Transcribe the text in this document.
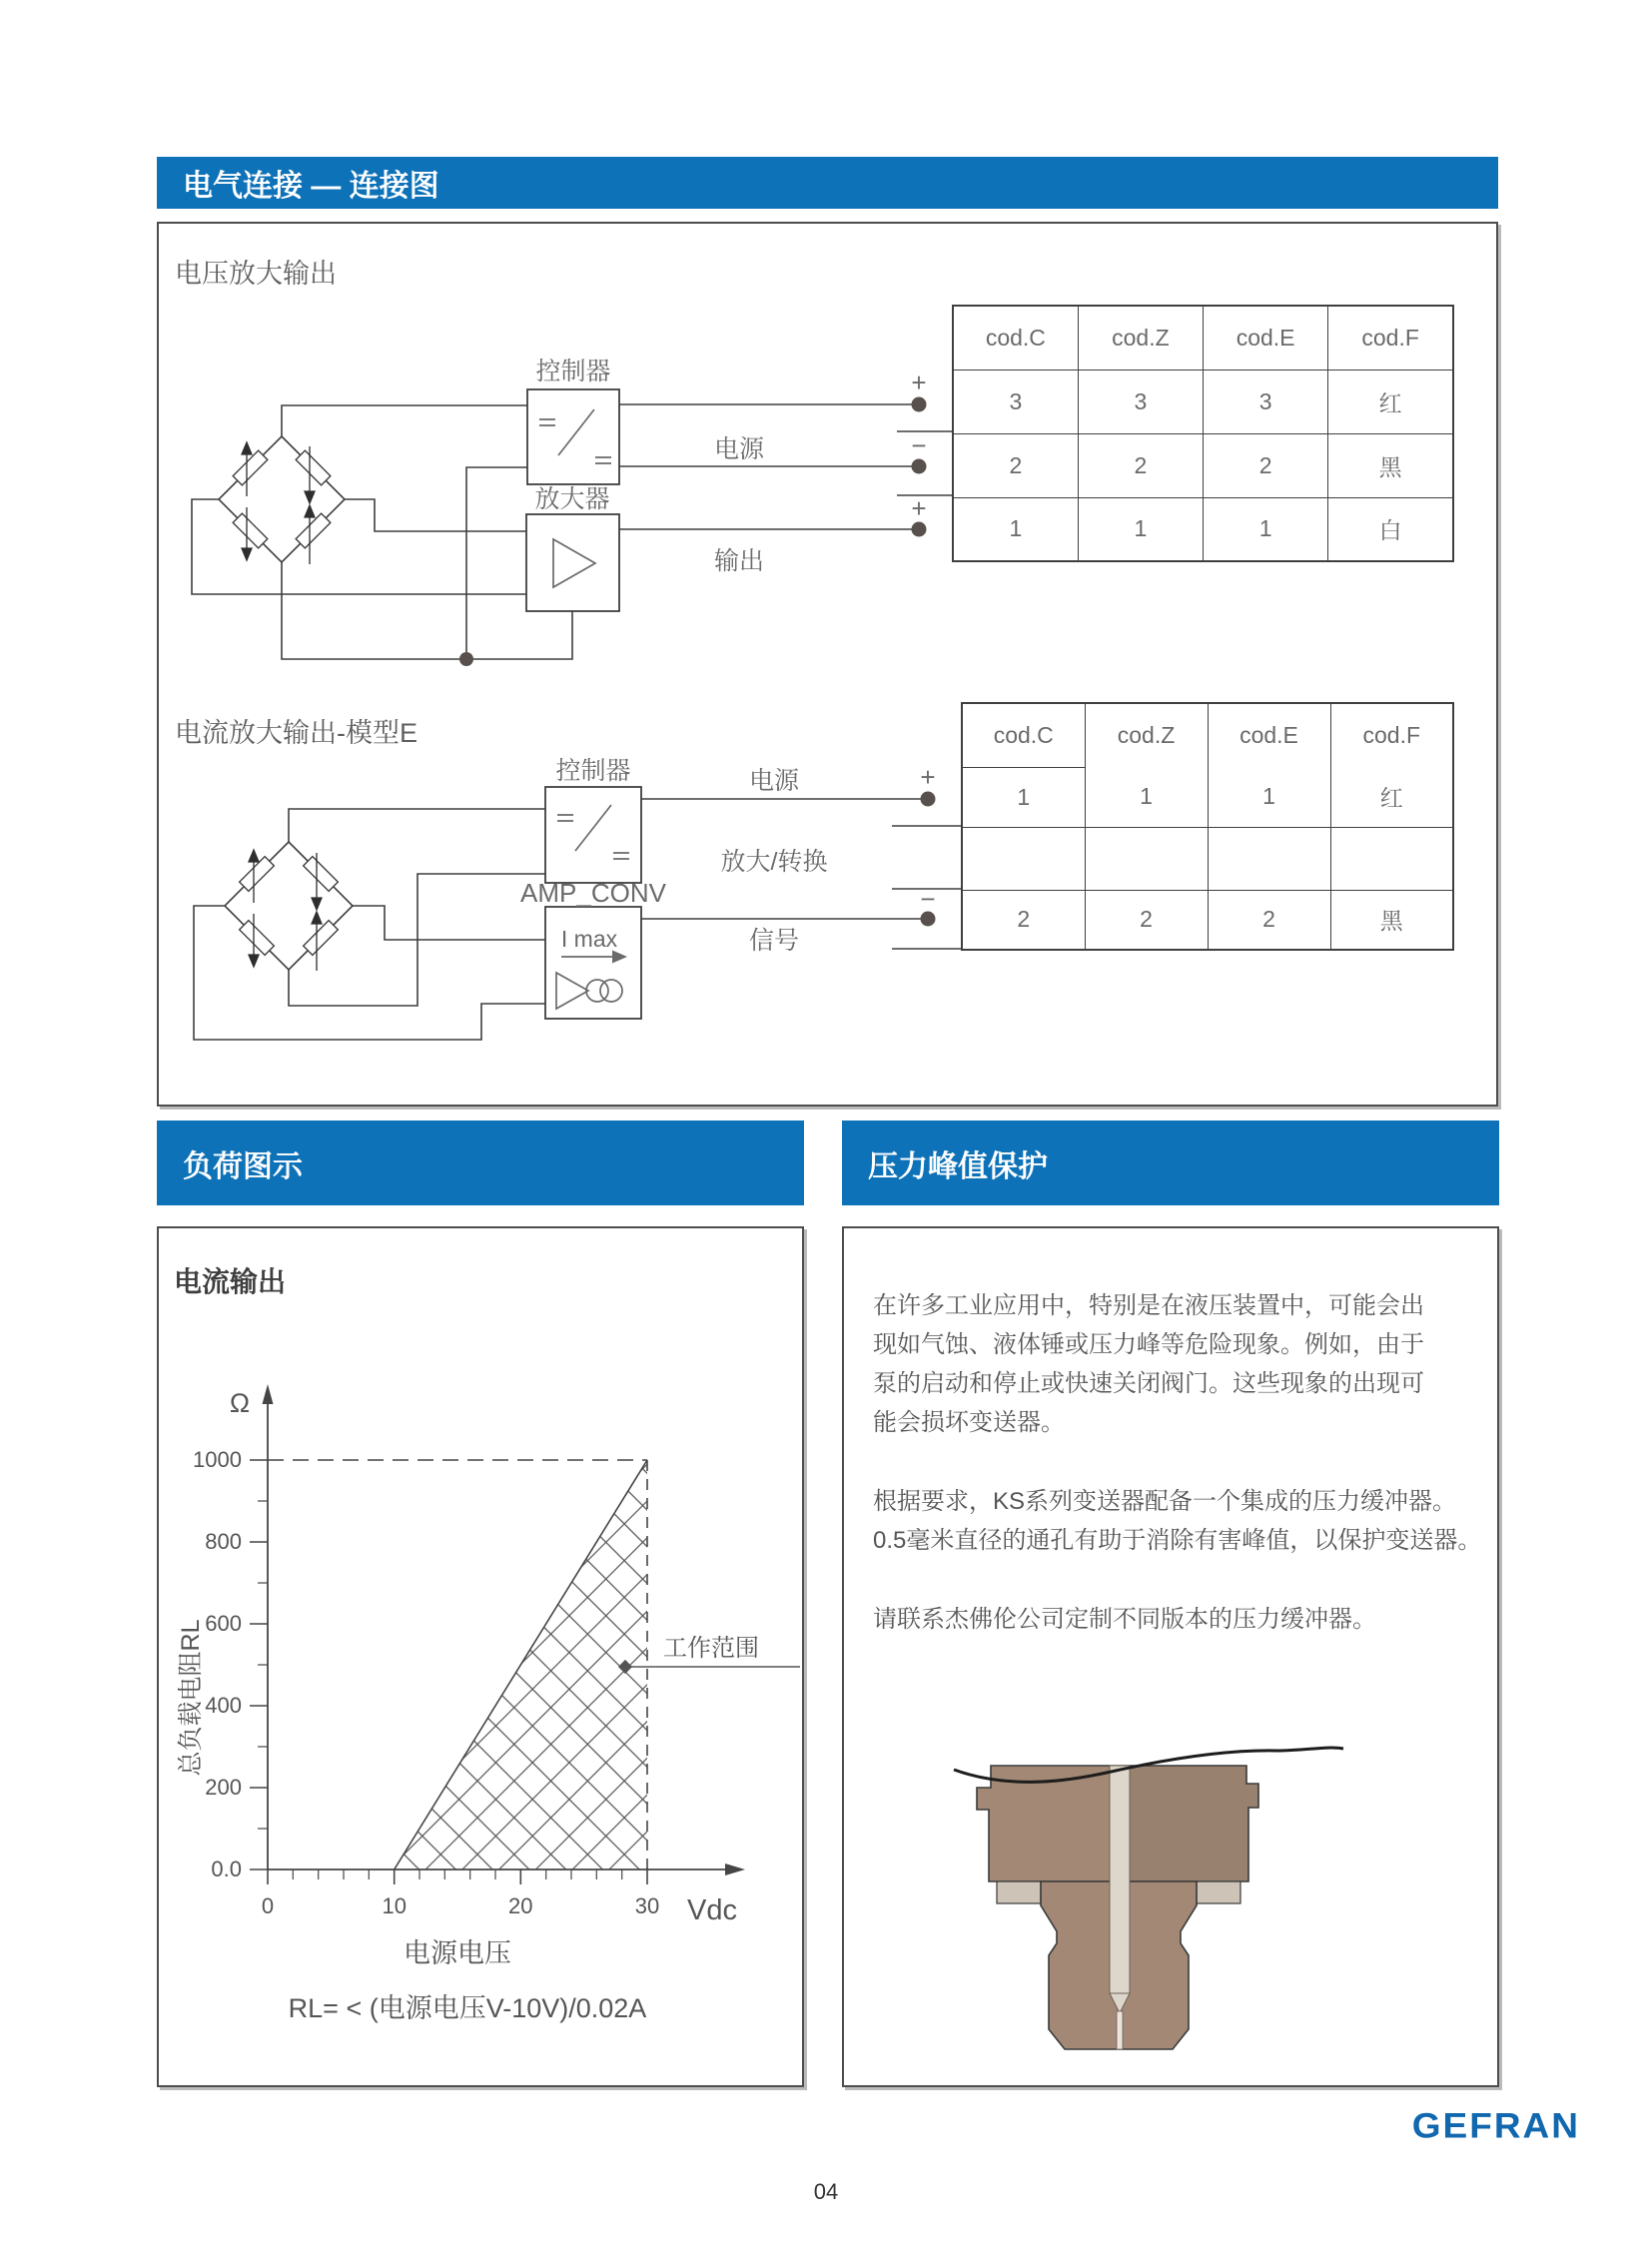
电气连接 — 连接图
电压放大输出
电流放大输出-模型E
控制器
放大器
电源
输出
控制器
AMP_CONV
I max
电源
放大/转换
信号
+
−
+
+
−
cod.C	cod.Z	cod.E	cod.F
3	3	3	红
2	2	2	黑
1	1	1	白
cod.C	cod.Z	cod.E	cod.F
1	1	1	红

2	2	2	黑
负荷图示	压力峰值保护
电流输出
0.0
200
400
600
800
1000
0	10	20	30
Ω
Vdc
总负载电阻RL
电源电压
RL= < (电源电压V-10V)/0.02A
工作范围
在许多工业应用中，特别是在液压装置中，可能会出
现如气蚀、液体锤或压力峰等危险现象。例如，由于
泵的启动和停止或快速关闭阀门。这些现象的出现可
能会损坏变送器。
根据要求，KS系列变送器配备一个集成的压力缓冲器。
0.5毫米直径的通孔有助于消除有害峰值，以保护变送器。
请联系杰佛伦公司定制不同版本的压力缓冲器。
04
GEFRAN
